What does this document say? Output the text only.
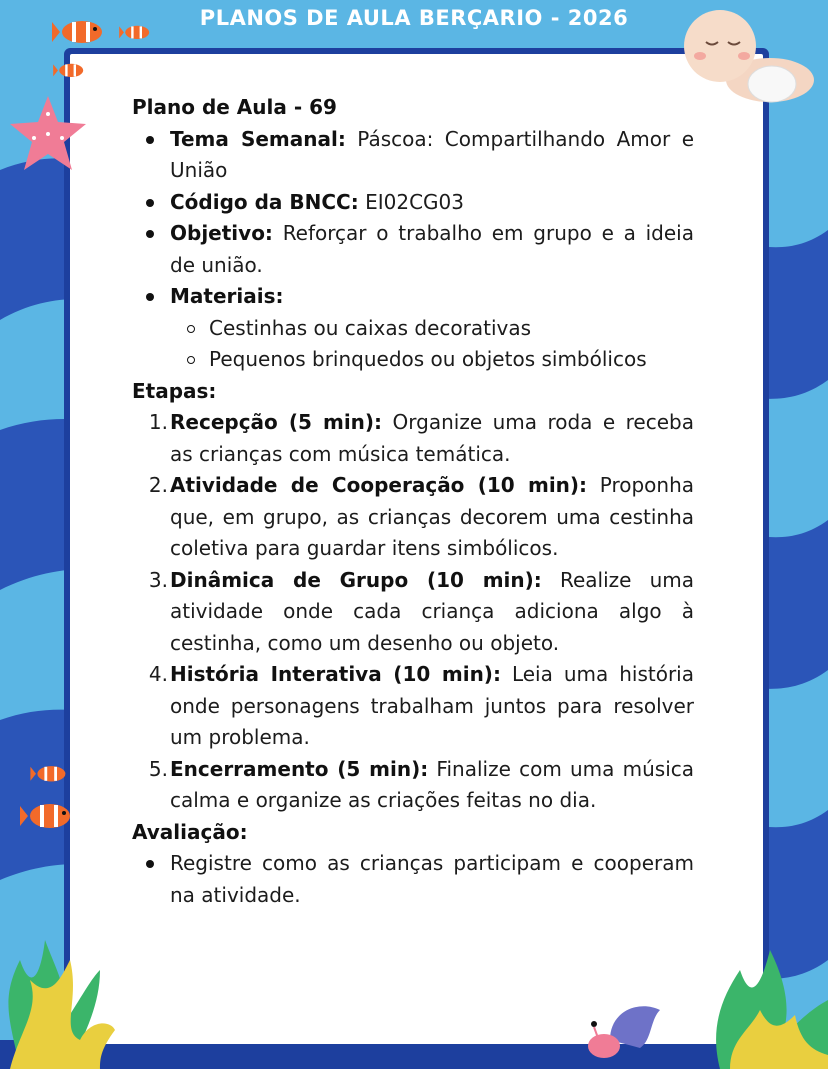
PLANOS DE AULA BERÇARIO - 2026

Plano de Aula - 69

Tema Semanal: Páscoa: Compartilhando Amor e União
Código da BNCC: EI02CG03
Objetivo: Reforçar o trabalho em grupo e a ideia de união.
Materiais:
Cestinhas ou caixas decorativas
Pequenos brinquedos ou objetos simbólicos

Etapas:

1. Recepção (5 min): Organize uma roda e receba as crianças com música temática.
2. Atividade de Cooperação (10 min): Proponha que, em grupo, as crianças decorem uma cestinha coletiva para guardar itens simbólicos.
3. Dinâmica de Grupo (10 min): Realize uma atividade onde cada criança adiciona algo à cestinha, como um desenho ou objeto.
4. História Interativa (10 min): Leia uma história onde personagens trabalham juntos para resolver um problema.
5. Encerramento (5 min): Finalize com uma música calma e organize as criações feitas no dia.

Avaliação:

Registre como as crianças participam e cooperam na atividade.
